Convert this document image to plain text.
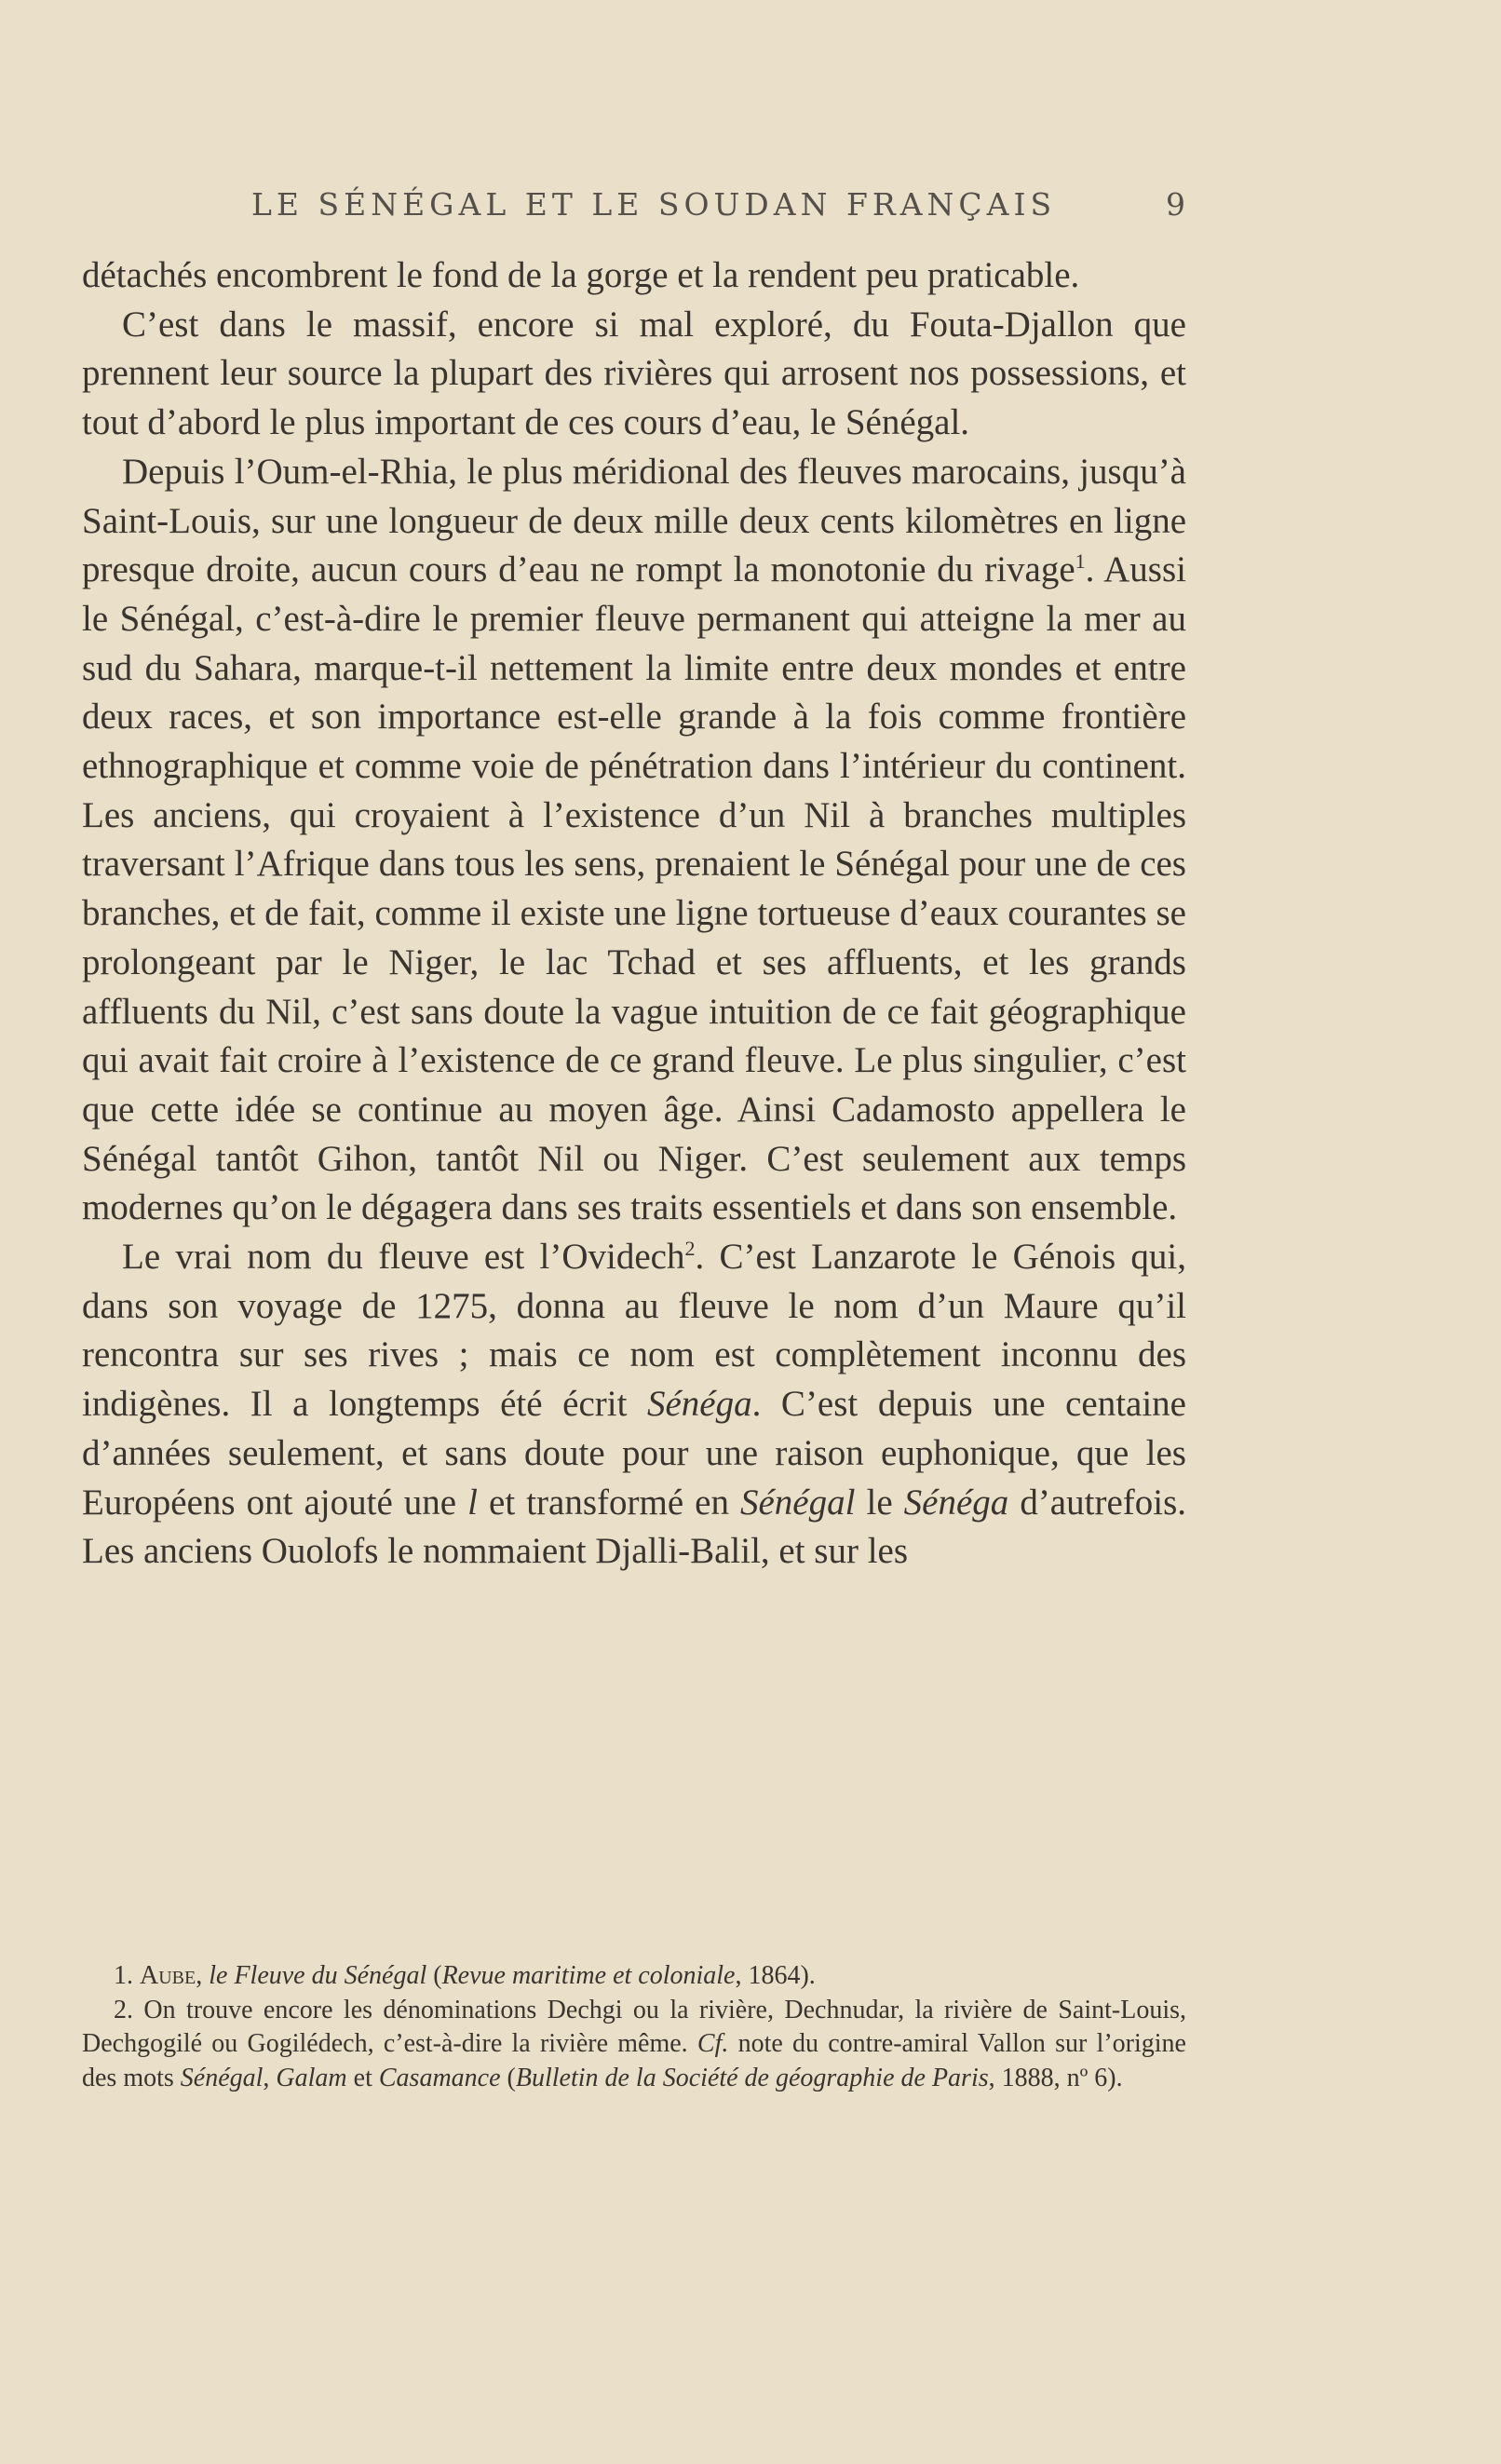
LE SÉNÉGAL ET LE SOUDAN FRANÇAIS	9

détachés encombrent le fond de la gorge et la rendent peu praticable.

C’est dans le massif, encore si mal exploré, du Fouta-Djallon que prennent leur source la plupart des rivières qui arrosent nos possessions, et tout d’abord le plus important de ces cours d’eau, le Sénégal.

Depuis l’Oum-el-Rhia, le plus méridional des fleuves marocains, jusqu’à Saint-Louis, sur une longueur de deux mille deux cents kilomètres en ligne presque droite, aucun cours d’eau ne rompt la monotonie du rivage$^1$. Aussi le Sénégal, c’est-à-dire le premier fleuve permanent qui atteigne la mer au sud du Sahara, marque-t-il nettement la limite entre deux mondes et entre deux races, et son importance est-elle grande à la fois comme frontière ethnographique et comme voie de pénétration dans l’intérieur du continent. Les anciens, qui croyaient à l’existence d’un Nil à branches multiples traversant l’Afrique dans tous les sens, prenaient le Sénégal pour une de ces branches, et de fait, comme il existe une ligne tortueuse d’eaux courantes se prolongeant par le Niger, le lac Tchad et ses affluents, et les grands affluents du Nil, c’est sans doute la vague intuition de ce fait géographique qui avait fait croire à l’existence de ce grand fleuve. Le plus singulier, c’est que cette idée se continue au moyen âge. Ainsi Cadamosto appellera le Sénégal tantôt Gihon, tantôt Nil ou Niger. C’est seulement aux temps modernes qu’on le dégagera dans ses traits essentiels et dans son ensemble.

Le vrai nom du fleuve est l’Ovidech$^2$. C’est Lanzarote le Génois qui, dans son voyage de 1275, donna au fleuve le nom d’un Maure qu’il rencontra sur ses rives ; mais ce nom est complètement inconnu des indigènes. Il a longtemps été écrit Sénéga. C’est depuis une centaine d’années seulement, et sans doute pour une raison euphonique, que les Européens ont ajouté une l et transformé en Sénégal le Sénéga d’autrefois. Les anciens Ouolofs le nommaient Djalli-Balil, et sur les

1. Aube, le Fleuve du Sénégal (Revue maritime et coloniale, 1864).

2. On trouve encore les dénominations Dechgi ou la rivière, Dechnudar, la rivière de Saint-Louis, Dechgogilé ou Gogilédech, c’est-à-dire la rivière même. Cf. note du contre-amiral Vallon sur l’origine des mots Sénégal, Galam et Casamance (Bulletin de la Société de géographie de Paris, 1888, nº 6).
